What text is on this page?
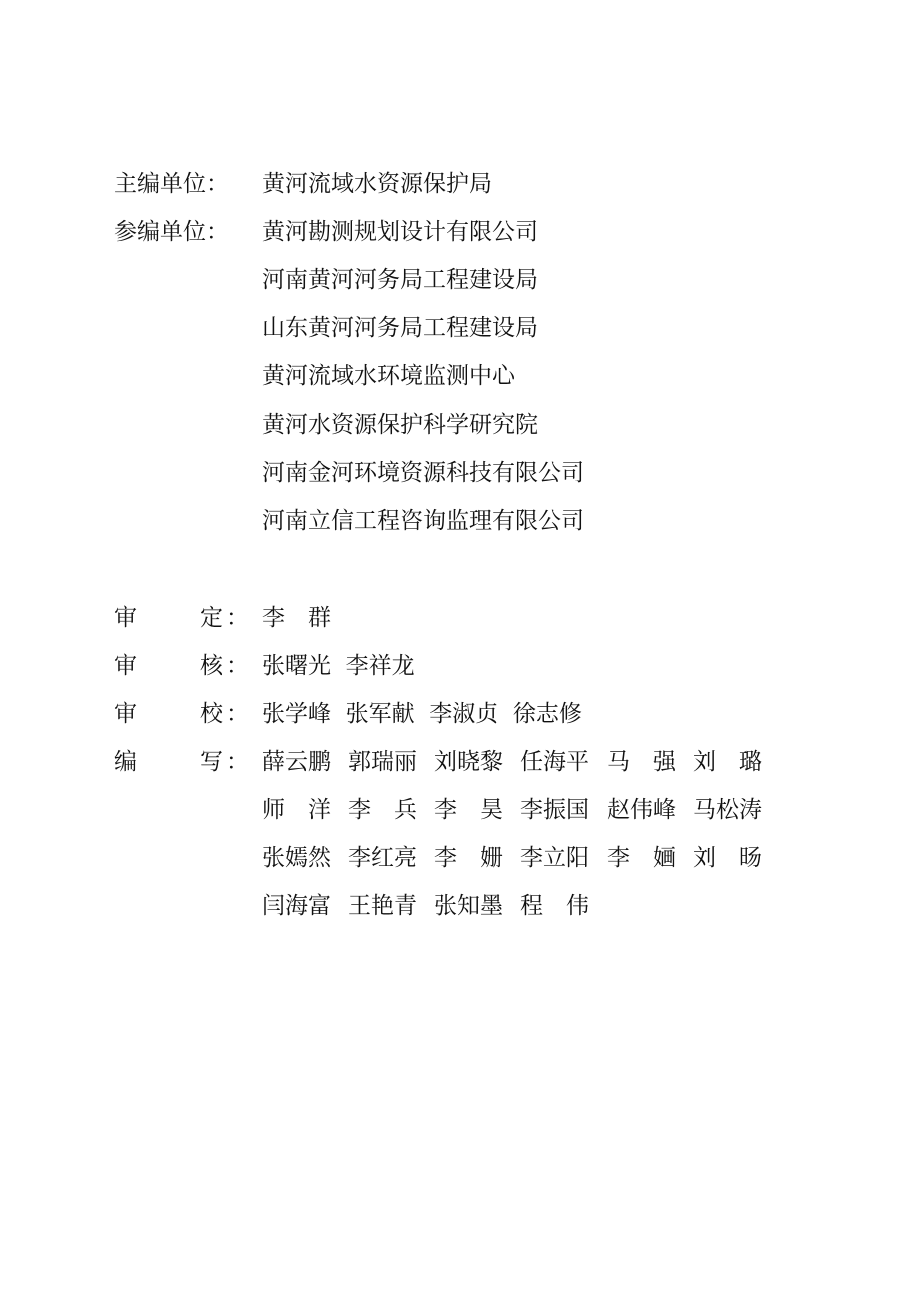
主编单位： 黄河流域水资源保护局
参编单位： 黄河勘测规划设计有限公司
河南黄河河务局工程建设局
山东黄河河务局工程建设局
黄河流域水环境监测中心
黄河水资源保护科学研究院
河南金河环境资源科技有限公司
河南立信工程咨询监理有限公司
审	定 ： 李　群
审	核 ： 张曙光  李祥龙
审	校 ： 张学峰  张军献  李淑贞  徐志修
编	写 ： 薛云鹏 郭瑞丽 刘晓黎 任海平 马　强 刘　璐
师　洋 李　兵 李　昊 李振国 赵伟峰 马松涛
张嫣然 李红亮 李　姗 李立阳 李　婳 刘　旸
闫海富 王艳青 张知墨 程　伟
